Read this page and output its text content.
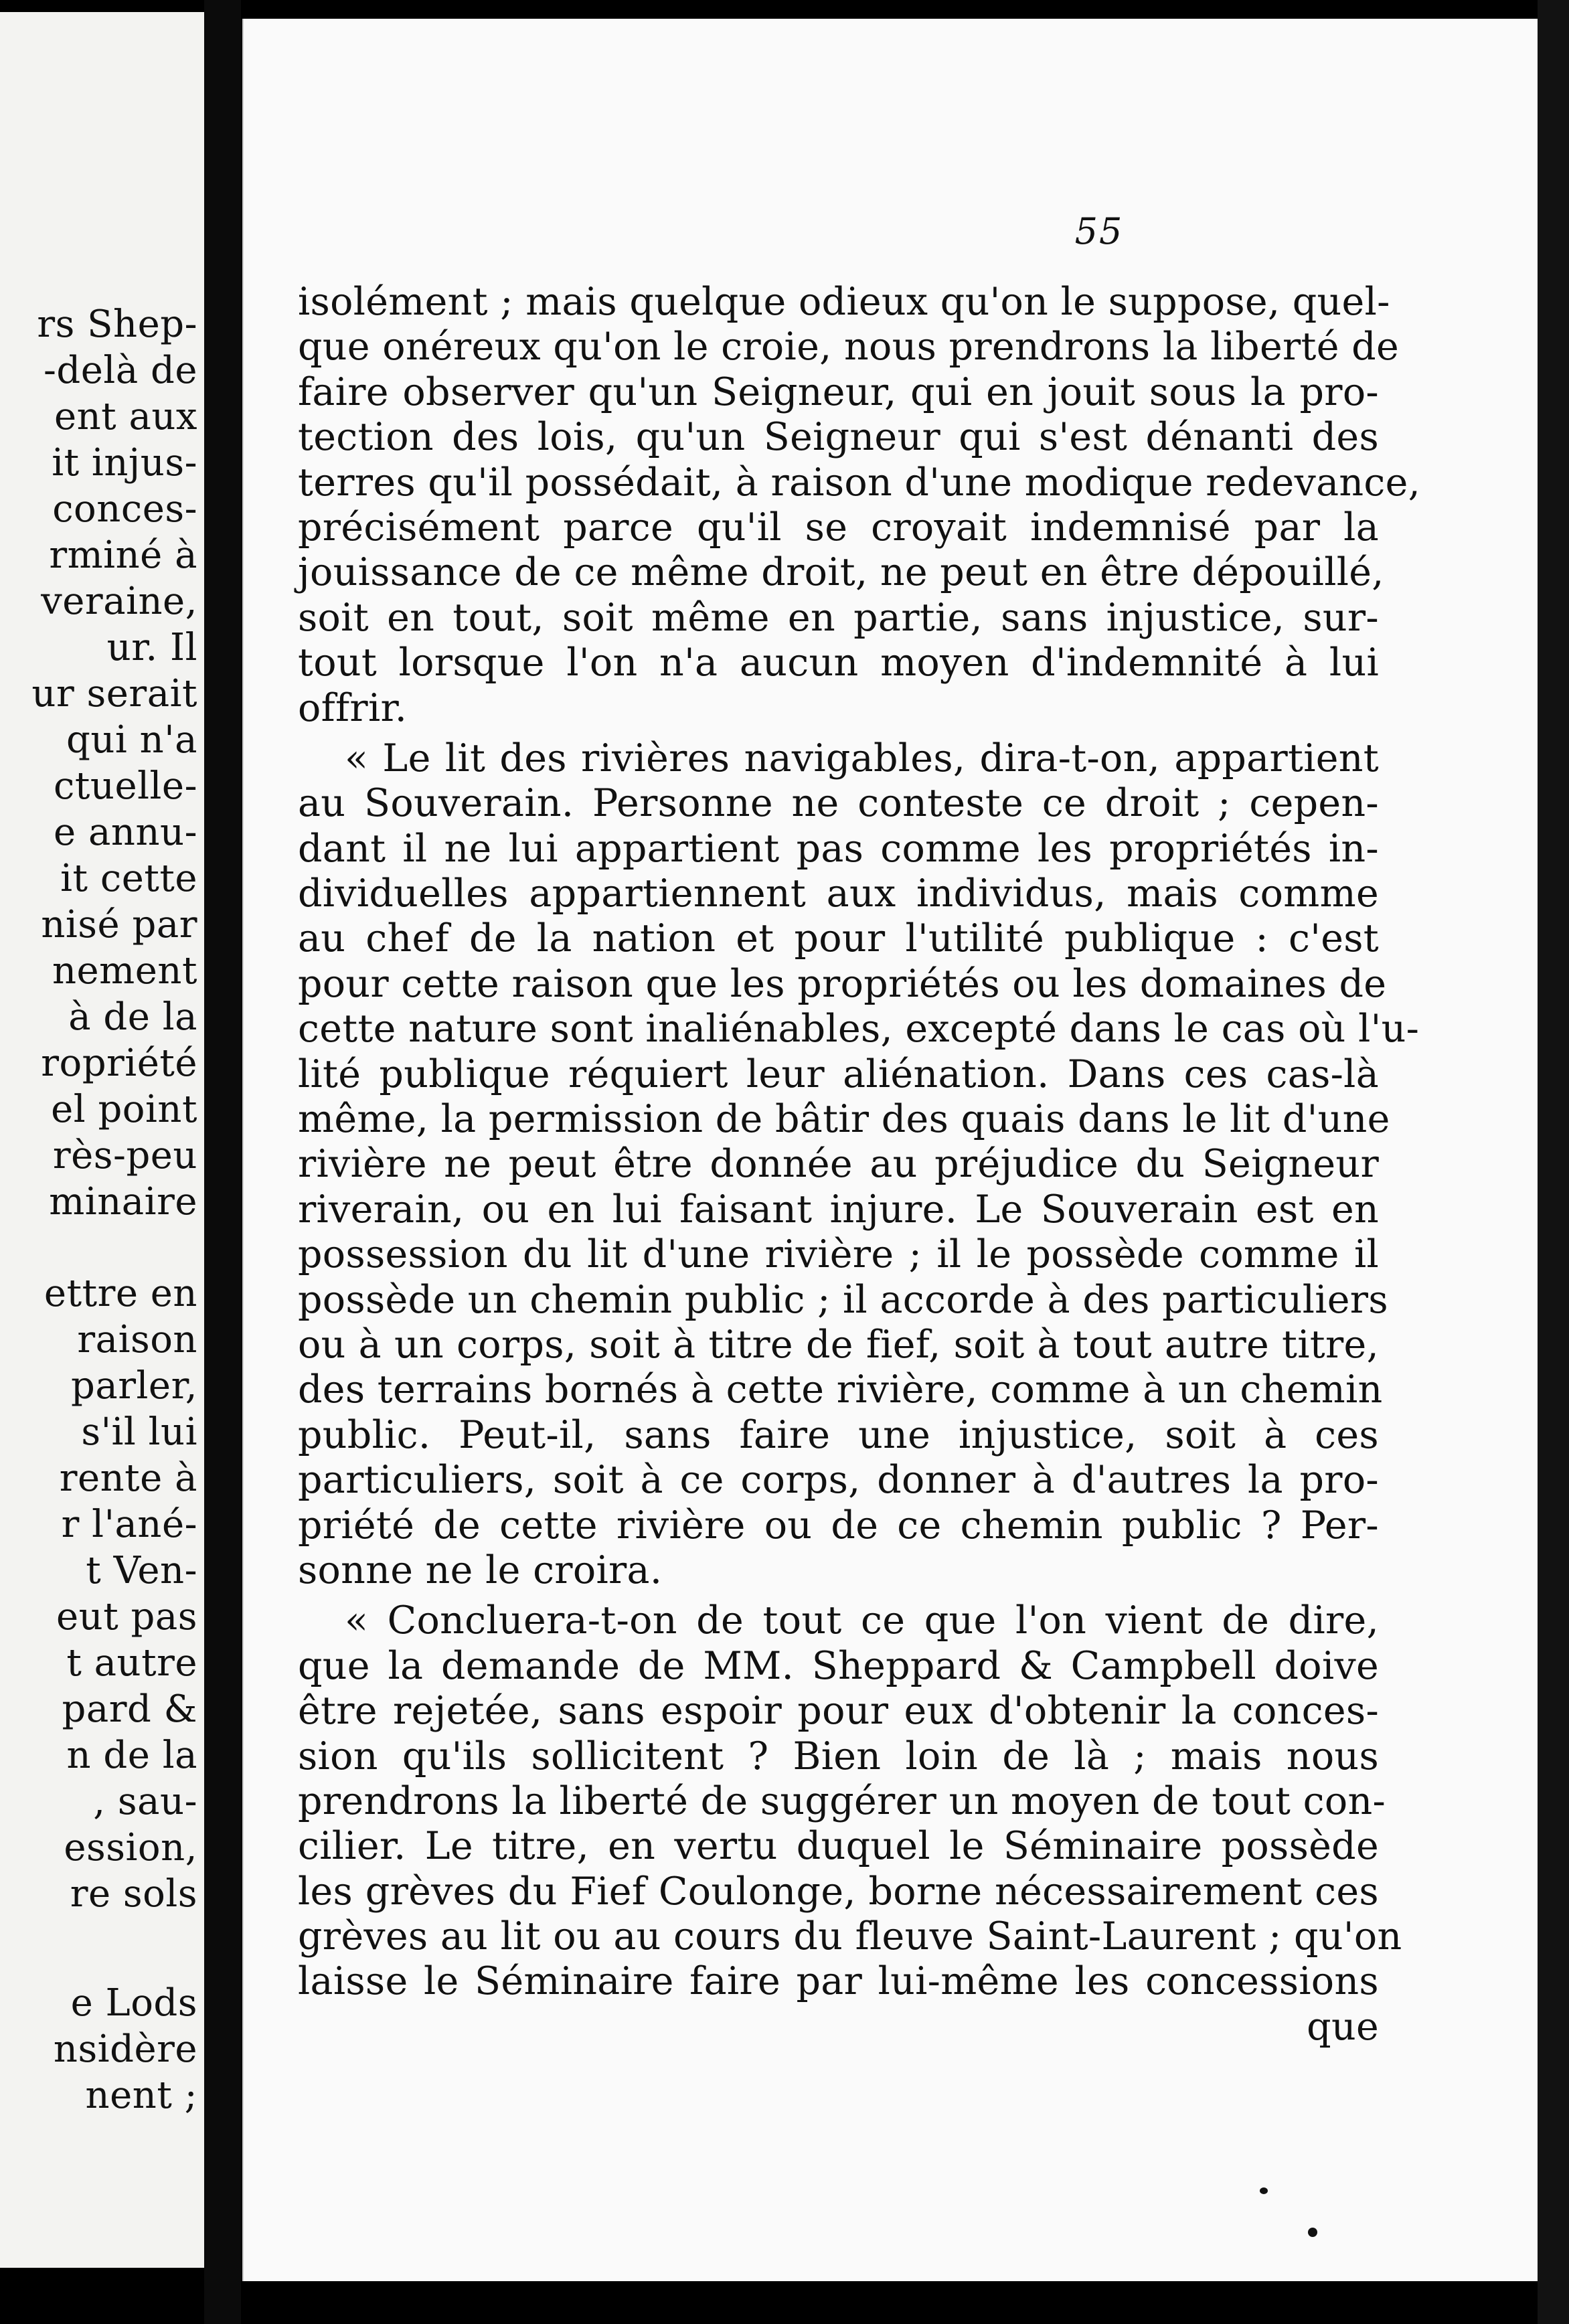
rs Shep-
-delà de
ent aux
it injus-
conces-
rminé à
veraine,
ur. Il
ur serait
qui n'a
ctuelle-
e annu-
it cette
nisé par
nement
à de la
ropriété
el point
rès-peu
minaire
ettre en
raison
parler,
s'il lui
rente à
r l'ané-
t Ven-
eut pas
t autre
pard &
n de la
, sau-
ession,
re sols
e Lods
nsidère
nent ;
55
isolément ; mais quelque odieux qu'on le suppose, quel-
que onéreux qu'on le croie, nous prendrons la liberté de
faire observer qu'un Seigneur, qui en jouit sous la pro-
tection des lois, qu'un Seigneur qui s'est dénanti des
terres qu'il possédait, à raison d'une modique redevance,
précisément parce qu'il se croyait indemnisé par la
jouissance de ce même droit, ne peut en être dépouillé,
soit en tout, soit même en partie, sans injustice, sur-
tout lorsque l'on n'a aucun moyen d'indemnité à lui
offrir.
« Le lit des rivières navigables, dira-t-on, appartient
au Souverain. Personne ne conteste ce droit ; cepen-
dant il ne lui appartient pas comme les propriétés in-
dividuelles appartiennent aux individus, mais comme
au chef de la nation et pour l'utilité publique : c'est
pour cette raison que les propriétés ou les domaines de
cette nature sont inaliénables, excepté dans le cas où l'u-
lité publique réquiert leur aliénation. Dans ces cas-là
même, la permission de bâtir des quais dans le lit d'une
rivière ne peut être donnée au préjudice du Seigneur
riverain, ou en lui faisant injure. Le Souverain est en
possession du lit d'une rivière ; il le possède comme il
possède un chemin public ; il accorde à des particuliers
ou à un corps, soit à titre de fief, soit à tout autre titre,
des terrains bornés à cette rivière, comme à un chemin
public. Peut-il, sans faire une injustice, soit à ces
particuliers, soit à ce corps, donner à d'autres la pro-
priété de cette rivière ou de ce chemin public ? Per-
sonne ne le croira.
« Concluera-t-on de tout ce que l'on vient de dire,
que la demande de MM. Sheppard & Campbell doive
être rejetée, sans espoir pour eux d'obtenir la conces-
sion qu'ils sollicitent ? Bien loin de là ; mais nous
prendrons la liberté de suggérer un moyen de tout con-
cilier. Le titre, en vertu duquel le Séminaire possède
les grèves du Fief Coulonge, borne nécessairement ces
grèves au lit ou au cours du fleuve Saint-Laurent ; qu'on
laisse le Séminaire faire par lui-même les concessions
que
